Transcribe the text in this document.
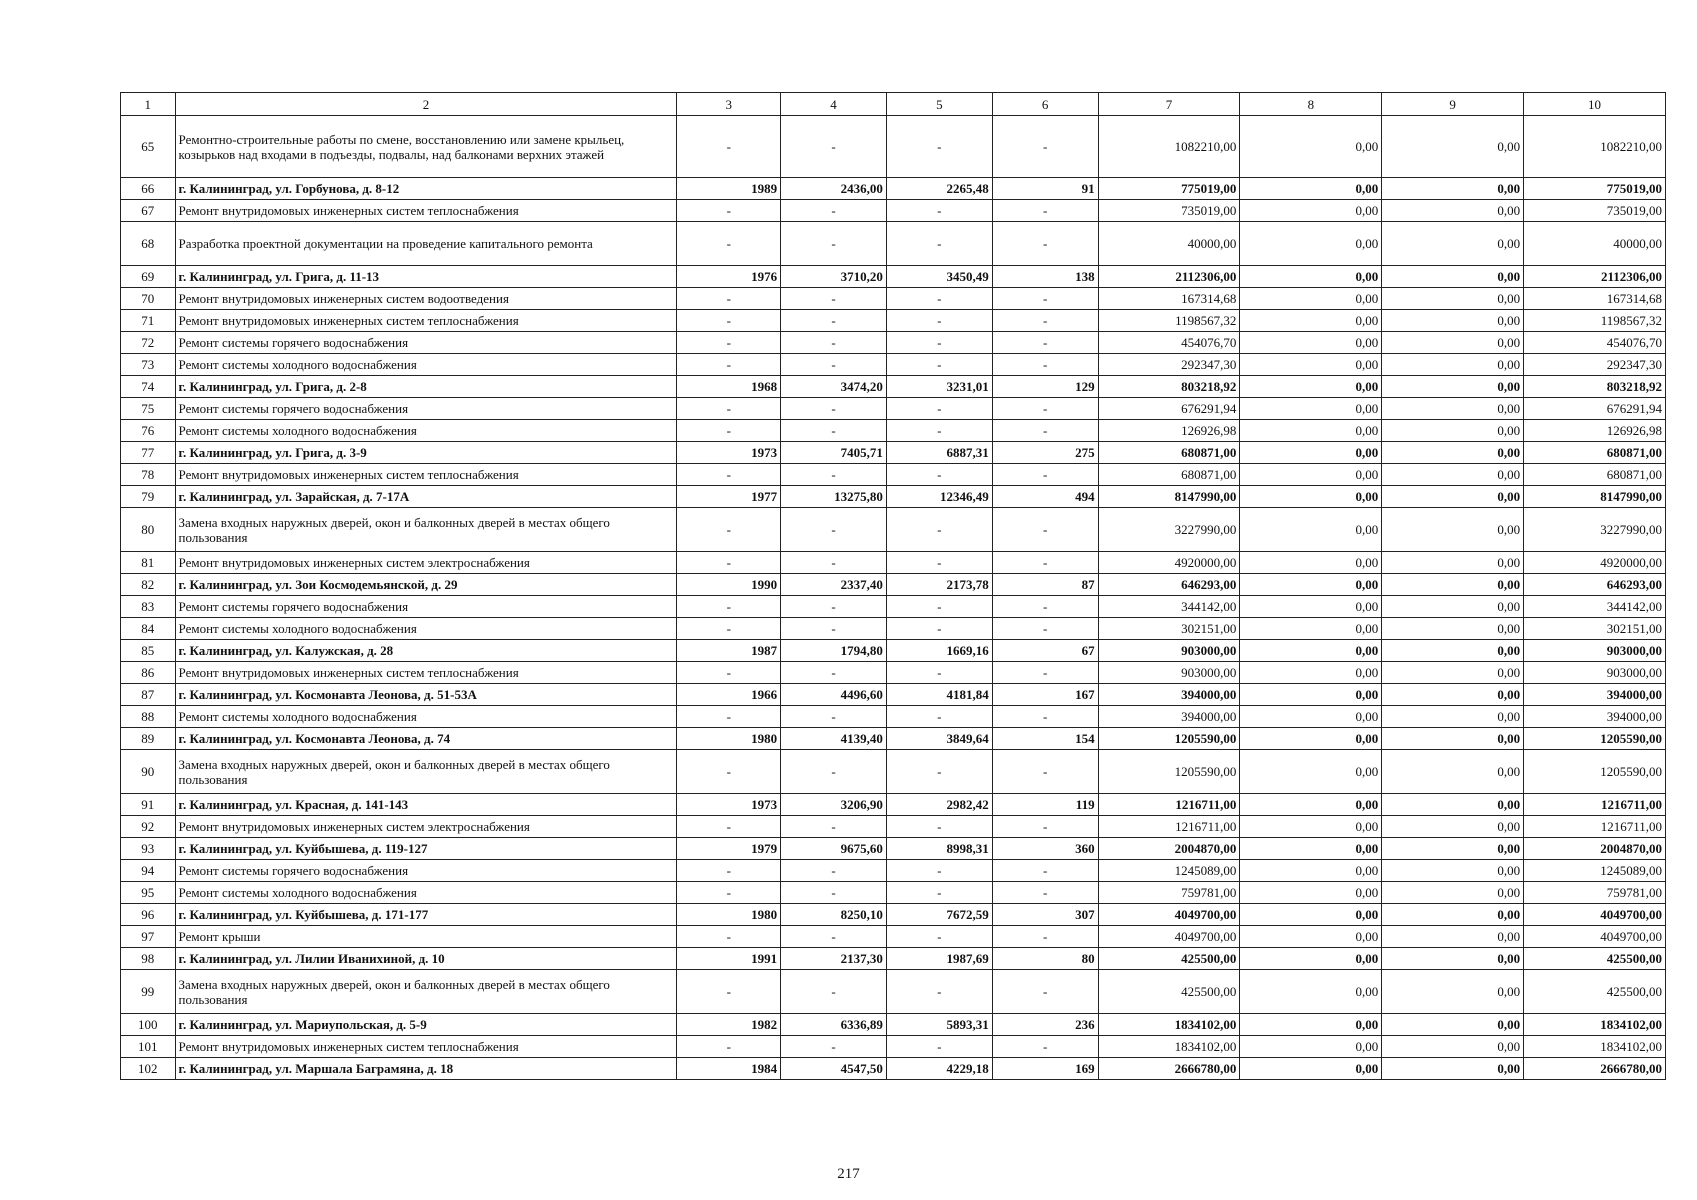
1	2	3	4	5	6	7	8	9	10
65	Ремонтно-строительные работы по смене, восстановлению или замене крыльец, козырьков над входами в подъезды, подвалы, над балконами верхних этажей	-	-	-	-	1082210,00	0,00	0,00	1082210,00
66	г. Калининград, ул. Горбунова, д. 8-12	1989	2436,00	2265,48	91	775019,00	0,00	0,00	775019,00
67	Ремонт внутридомовых инженерных систем теплоснабжения	-	-	-	-	735019,00	0,00	0,00	735019,00
68	Разработка проектной документации на проведение капитального ремонта	-	-	-	-	40000,00	0,00	0,00	40000,00
69	г. Калининград, ул. Грига, д. 11-13	1976	3710,20	3450,49	138	2112306,00	0,00	0,00	2112306,00
70	Ремонт внутридомовых инженерных систем водоотведения	-	-	-	-	167314,68	0,00	0,00	167314,68
71	Ремонт внутридомовых инженерных систем теплоснабжения	-	-	-	-	1198567,32	0,00	0,00	1198567,32
72	Ремонт системы горячего водоснабжения	-	-	-	-	454076,70	0,00	0,00	454076,70
73	Ремонт системы холодного водоснабжения	-	-	-	-	292347,30	0,00	0,00	292347,30
74	г. Калининград, ул. Грига, д. 2-8	1968	3474,20	3231,01	129	803218,92	0,00	0,00	803218,92
75	Ремонт системы горячего водоснабжения	-	-	-	-	676291,94	0,00	0,00	676291,94
76	Ремонт системы холодного водоснабжения	-	-	-	-	126926,98	0,00	0,00	126926,98
77	г. Калининград, ул. Грига, д. 3-9	1973	7405,71	6887,31	275	680871,00	0,00	0,00	680871,00
78	Ремонт внутридомовых инженерных систем теплоснабжения	-	-	-	-	680871,00	0,00	0,00	680871,00
79	г. Калининград, ул. Зарайская, д. 7-17А	1977	13275,80	12346,49	494	8147990,00	0,00	0,00	8147990,00
80	Замена входных наружных дверей, окон и балконных дверей в местах общего пользования	-	-	-	-	3227990,00	0,00	0,00	3227990,00
81	Ремонт внутридомовых инженерных систем электроснабжения	-	-	-	-	4920000,00	0,00	0,00	4920000,00
82	г. Калининград, ул. Зои Космодемьянской, д. 29	1990	2337,40	2173,78	87	646293,00	0,00	0,00	646293,00
83	Ремонт системы горячего водоснабжения	-	-	-	-	344142,00	0,00	0,00	344142,00
84	Ремонт системы холодного водоснабжения	-	-	-	-	302151,00	0,00	0,00	302151,00
85	г. Калининград, ул. Калужская, д. 28	1987	1794,80	1669,16	67	903000,00	0,00	0,00	903000,00
86	Ремонт внутридомовых инженерных систем теплоснабжения	-	-	-	-	903000,00	0,00	0,00	903000,00
87	г. Калининград, ул. Космонавта Леонова, д. 51-53А	1966	4496,60	4181,84	167	394000,00	0,00	0,00	394000,00
88	Ремонт системы холодного водоснабжения	-	-	-	-	394000,00	0,00	0,00	394000,00
89	г. Калининград, ул. Космонавта Леонова, д. 74	1980	4139,40	3849,64	154	1205590,00	0,00	0,00	1205590,00
90	Замена входных наружных дверей, окон и балконных дверей в местах общего пользования	-	-	-	-	1205590,00	0,00	0,00	1205590,00
91	г. Калининград, ул. Красная, д. 141-143	1973	3206,90	2982,42	119	1216711,00	0,00	0,00	1216711,00
92	Ремонт внутридомовых инженерных систем электроснабжения	-	-	-	-	1216711,00	0,00	0,00	1216711,00
93	г. Калининград, ул. Куйбышева, д. 119-127	1979	9675,60	8998,31	360	2004870,00	0,00	0,00	2004870,00
94	Ремонт системы горячего водоснабжения	-	-	-	-	1245089,00	0,00	0,00	1245089,00
95	Ремонт системы холодного водоснабжения	-	-	-	-	759781,00	0,00	0,00	759781,00
96	г. Калининград, ул. Куйбышева, д. 171-177	1980	8250,10	7672,59	307	4049700,00	0,00	0,00	4049700,00
97	Ремонт крыши	-	-	-	-	4049700,00	0,00	0,00	4049700,00
98	г. Калининград, ул. Лилии Иванихиной, д. 10	1991	2137,30	1987,69	80	425500,00	0,00	0,00	425500,00
99	Замена входных наружных дверей, окон и балконных дверей в местах общего пользования	-	-	-	-	425500,00	0,00	0,00	425500,00
100	г. Калининград, ул. Мариупольская, д. 5-9	1982	6336,89	5893,31	236	1834102,00	0,00	0,00	1834102,00
101	Ремонт внутридомовых инженерных систем теплоснабжения	-	-	-	-	1834102,00	0,00	0,00	1834102,00
102	г. Калининград, ул. Маршала Баграмяна, д. 18	1984	4547,50	4229,18	169	2666780,00	0,00	0,00	2666780,00
217
